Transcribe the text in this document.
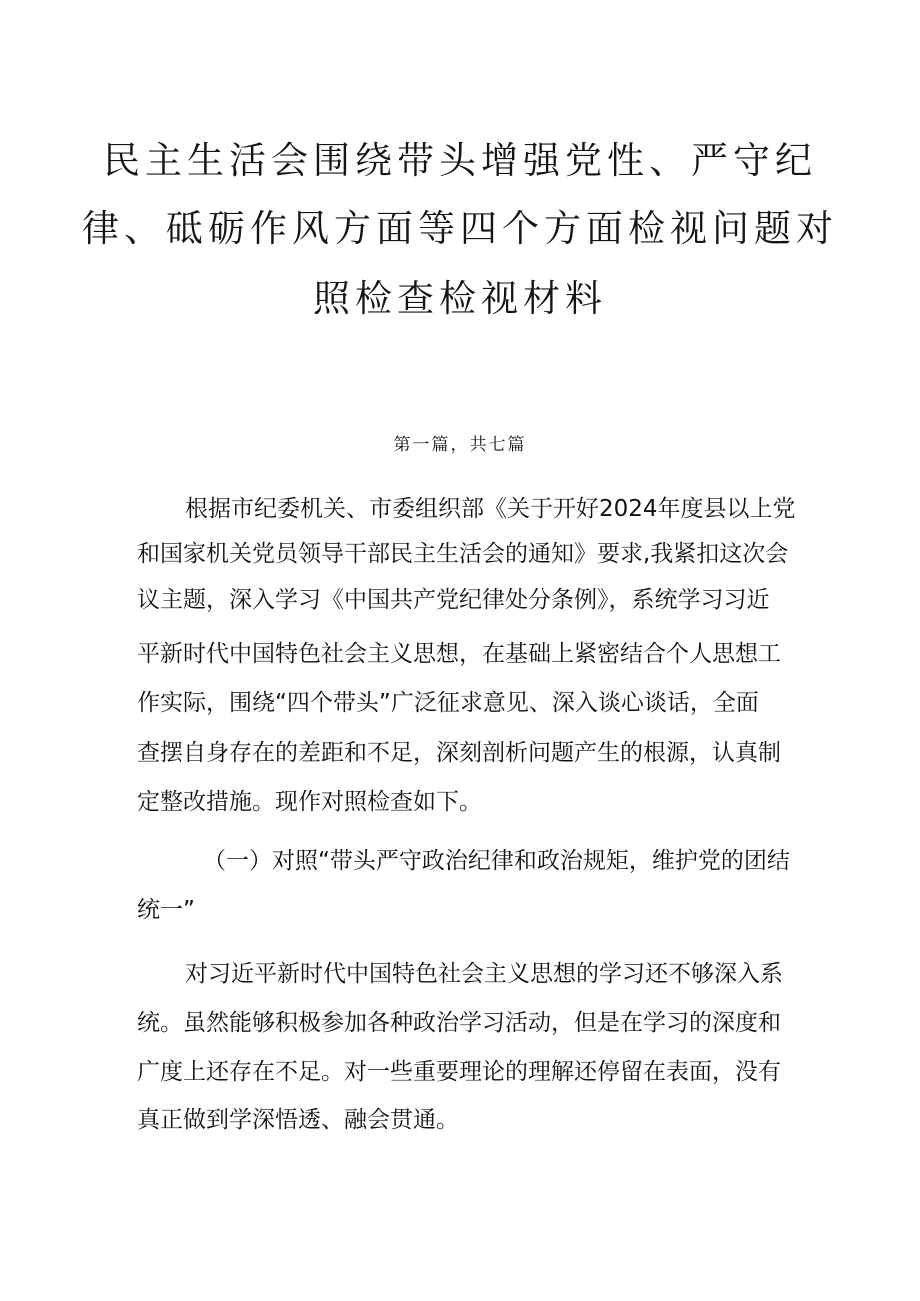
民主生活会围绕带头增强党性、严守纪
律、砥砺作风方面等四个方面检视问题对
照检查检视材料
第一篇，共七篇
根据市纪委机关、市委组织部《关于开好2024年度县以上党
和国家机关党员领导干部民主生活会的通知》要求,我紧扣这次会
议主题，深入学习《中国共产党纪律处分条例》，系统学习习近
平新时代中国特色社会主义思想，在基础上紧密结合个人思想工
作实际，围绕“四个带头”广泛征求意见、深入谈心谈话，全面
查摆自身存在的差距和不足，深刻剖析问题产生的根源，认真制
定整改措施。现作对照检查如下。
（一）对照“带头严守政治纪律和政治规矩，维护党的团结
统一”
对习近平新时代中国特色社会主义思想的学习还不够深入系
统。虽然能够积极参加各种政治学习活动，但是在学习的深度和
广度上还存在不足。对一些重要理论的理解还停留在表面，没有
真正做到学深悟透、融会贯通。
